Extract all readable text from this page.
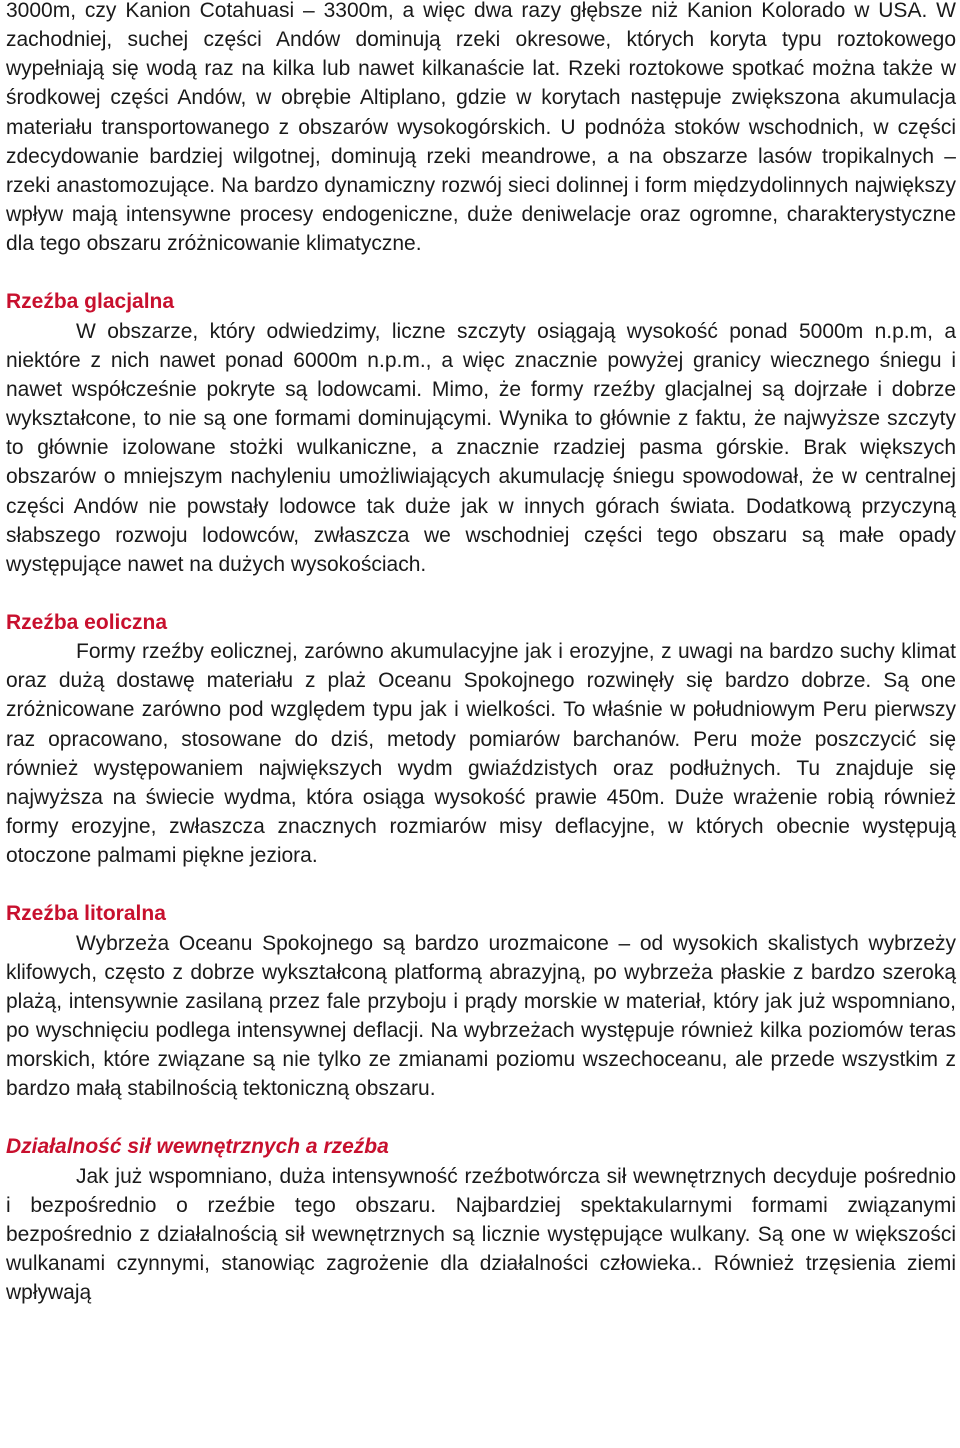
3000m, czy Kanion Cotahuasi – 3300m, a więc dwa razy głębsze niż Kanion Kolorado w USA. W zachodniej, suchej części Andów dominują rzeki okresowe, których koryta typu roztokowego wypełniają się wodą raz na kilka lub nawet kilkanaście lat. Rzeki roztokowe spotkać można także w środkowej części Andów, w obrębie Altiplano, gdzie w korytach następuje zwiększona akumulacja materiału transportowanego z obszarów wysokogórskich. U podnóża stoków wschodnich, w części zdecydowanie bardziej wilgotnej, dominują rzeki meandrowe, a na obszarze lasów tropikalnych – rzeki anastomozujące. Na bardzo dynamiczny rozwój sieci dolinnej i form międzydolinnych największy wpływ mają intensywne procesy endogeniczne, duże deniwelacje oraz ogromne, charakterystyczne dla tego obszaru zróżnicowanie klimatyczne.

Rzeźba glacjalna

W obszarze, który odwiedzimy, liczne szczyty osiągają wysokość ponad 5000m n.p.m, a niektóre z nich nawet ponad 6000m n.p.m., a więc znacznie powyżej granicy wiecznego śniegu i nawet współcześnie pokryte są lodowcami. Mimo, że formy rzeźby glacjalnej są dojrzałe i dobrze wykształcone, to nie są one formami dominującymi. Wynika to głównie z faktu, że najwyższe szczyty to głównie izolowane stożki wulkaniczne, a znacznie rzadziej pasma górskie. Brak większych obszarów o mniejszym nachyleniu umożliwiających akumulację śniegu spowodował, że w centralnej części Andów nie powstały lodowce tak duże jak w innych górach świata. Dodatkową przyczyną słabszego rozwoju lodowców, zwłaszcza we wschodniej części tego obszaru są małe opady występujące nawet na dużych wysokościach.

Rzeźba eoliczna

Formy rzeźby eolicznej, zarówno akumulacyjne jak i erozyjne, z uwagi na bardzo suchy klimat oraz dużą dostawę materiału z plaż Oceanu Spokojnego rozwinęły się bardzo dobrze. Są one zróżnicowane zarówno pod względem typu jak i wielkości. To właśnie w południowym Peru pierwszy raz opracowano, stosowane do dziś, metody pomiarów barchanów. Peru może poszczycić się również występowaniem największych wydm gwiaździstych oraz podłużnych. Tu znajduje się najwyższa na świecie wydma, która osiąga wysokość prawie 450m. Duże wrażenie robią również formy erozyjne, zwłaszcza znacznych rozmiarów misy deflacyjne, w których obecnie występują otoczone palmami piękne jeziora.

Rzeźba litoralna

Wybrzeża Oceanu Spokojnego są bardzo urozmaicone – od wysokich skalistych wybrzeży klifowych, często z dobrze wykształconą platformą abrazyjną, po wybrzeża płaskie z bardzo szeroką plażą, intensywnie zasilaną przez fale przyboju i prądy morskie w materiał, który jak już wspomniano, po wyschnięciu podlega intensywnej deflacji. Na wybrzeżach występuje również kilka poziomów teras morskich, które związane są nie tylko ze zmianami poziomu wszechoceanu, ale przede wszystkim z bardzo małą stabilnością tektoniczną obszaru.

Działalność sił wewnętrznych a rzeźba

Jak już wspomniano, duża intensywność rzeźbotwórcza sił wewnętrznych decyduje pośrednio i bezpośrednio o rzeźbie tego obszaru. Najbardziej spektakularnymi formami związanymi bezpośrednio z działalnością sił wewnętrznych są licznie występujące wulkany. Są one w większości wulkanami czynnymi, stanowiąc zagrożenie dla działalności człowieka.. Również trzęsienia ziemi wpływają
